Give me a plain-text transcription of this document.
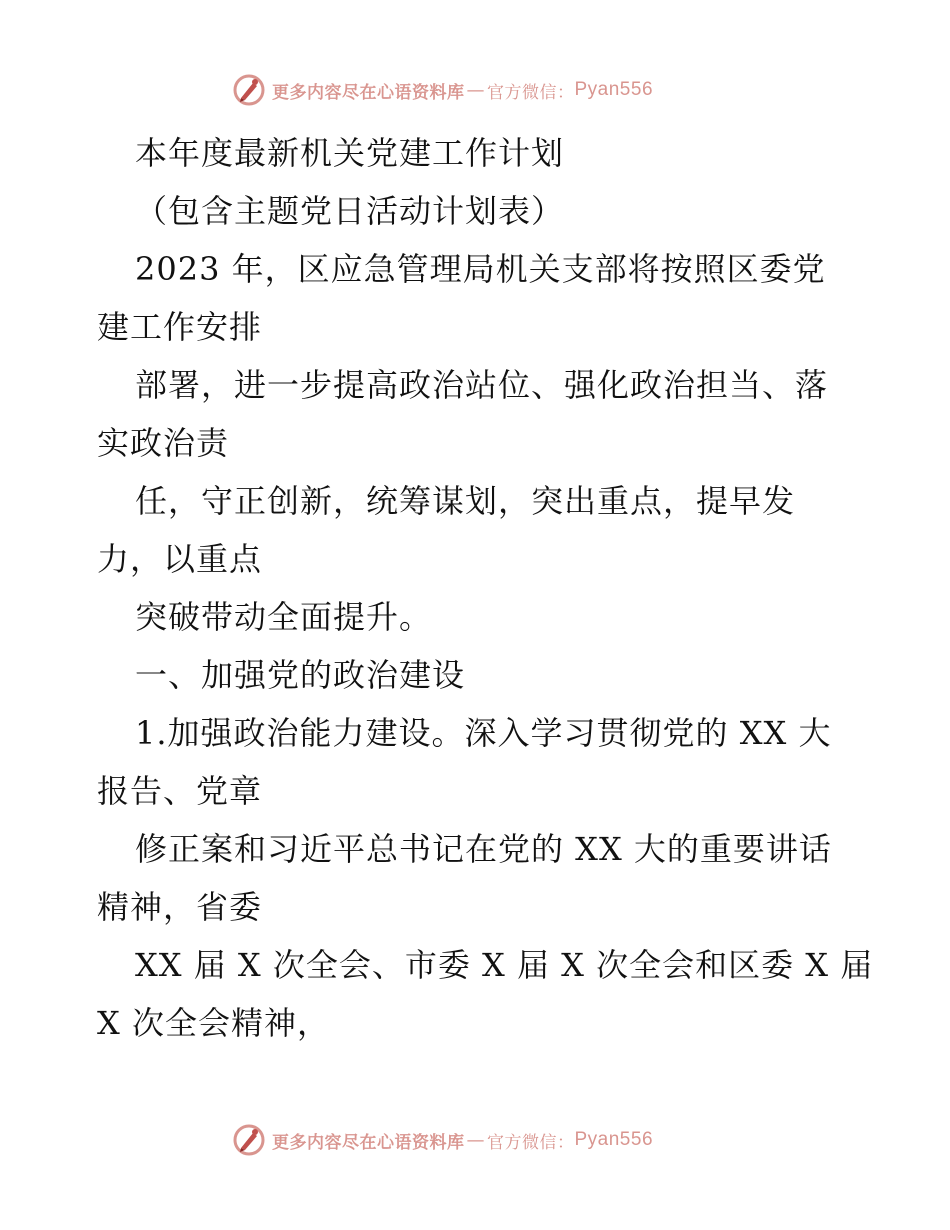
更多内容尽在心语资料库 — 官方微信： Pyan556
本年度最新机关党建工作计划
（包含主题党日活动计划表）
2023 年，区应急管理局机关支部将按照区委党
建工作安排
部署，进一步提高政治站位、强化政治担当、落
实政治责
任，守正创新，统筹谋划，突出重点，提早发
力，以重点
突破带动全面提升。
一、加强党的政治建设
1.加强政治能力建设。深入学习贯彻党的 XX 大
报告、党章
修正案和习近平总书记在党的 XX 大的重要讲话
精神，省委
XX 届 X 次全会、市委 X 届 X 次全会和区委 X 届
X 次全会精神，
更多内容尽在心语资料库 — 官方微信： Pyan556
